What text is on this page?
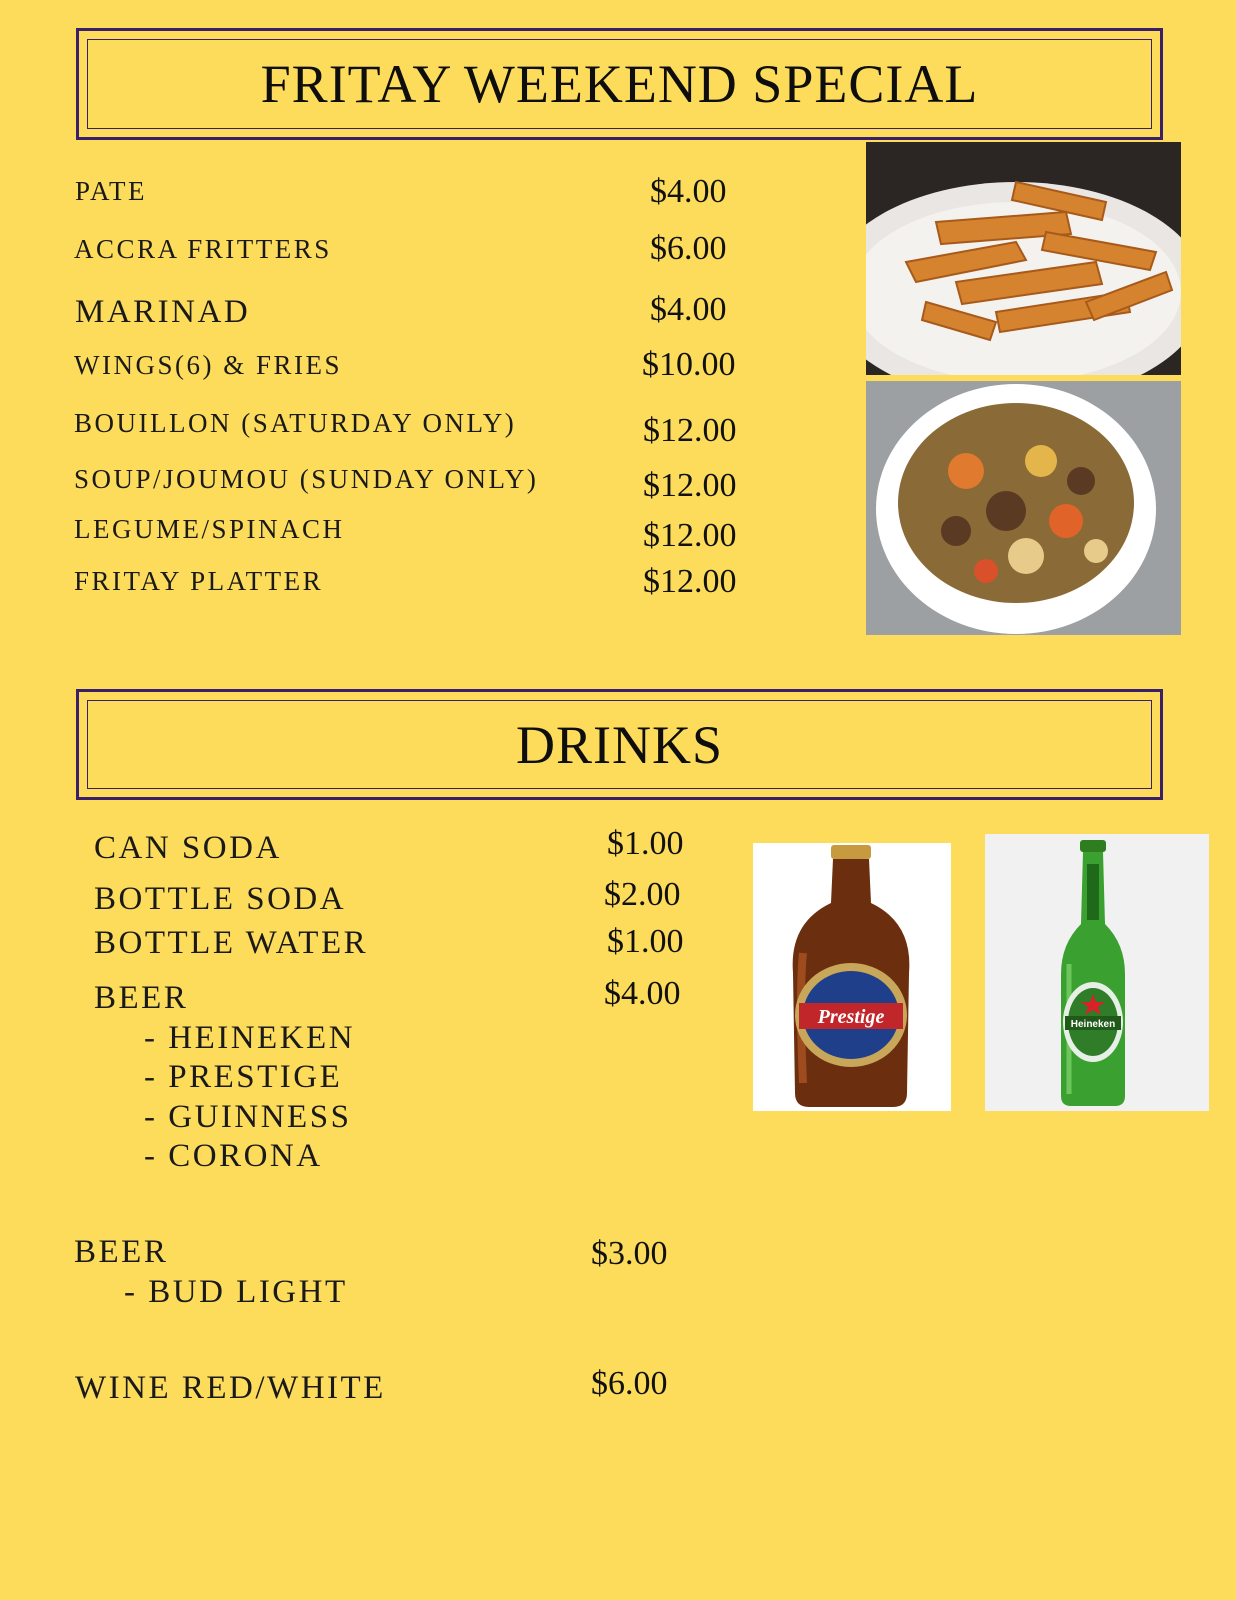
FRITAY WEEKEND SPECIAL
PATE	$4.00
ACCRA FRITTERS	$6.00
MARINAD	$4.00
WINGS(6) & FRIES	$10.00
BOUILLON (SATURDAY ONLY)	$12.00
SOUP/JOUMOU (SUNDAY ONLY)	$12.00
LEGUME/SPINACH	$12.00
FRITAY PLATTER	$12.00
DRINKS
CAN SODA	$1.00
BOTTLE SODA	$2.00
BOTTLE WATER	$1.00
BEER	$4.00
- HEINEKEN
- PRESTIGE
- GUINNESS
- CORONA
BEER	$3.00
- BUD LIGHT
WINE RED/WHITE	$6.00
Prestige	Heineken
